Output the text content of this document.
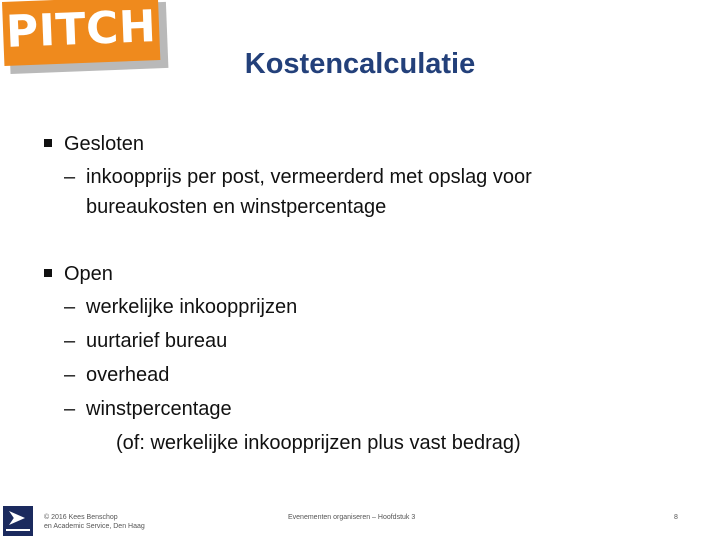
PITCH
Kostencalculatie
Gesloten
– inkoopprijs per post, vermeerderd met opslag voor
bureaukosten en winstpercentage
Open
– werkelijke inkoopprijzen
– uurtarief bureau
– overhead
– winstpercentage
(of: werkelijke inkoopprijzen plus vast bedrag)
© 2016 Kees Benschop
en Academic Service, Den Haag
Evenementen organiseren – Hoofdstuk 3	8
